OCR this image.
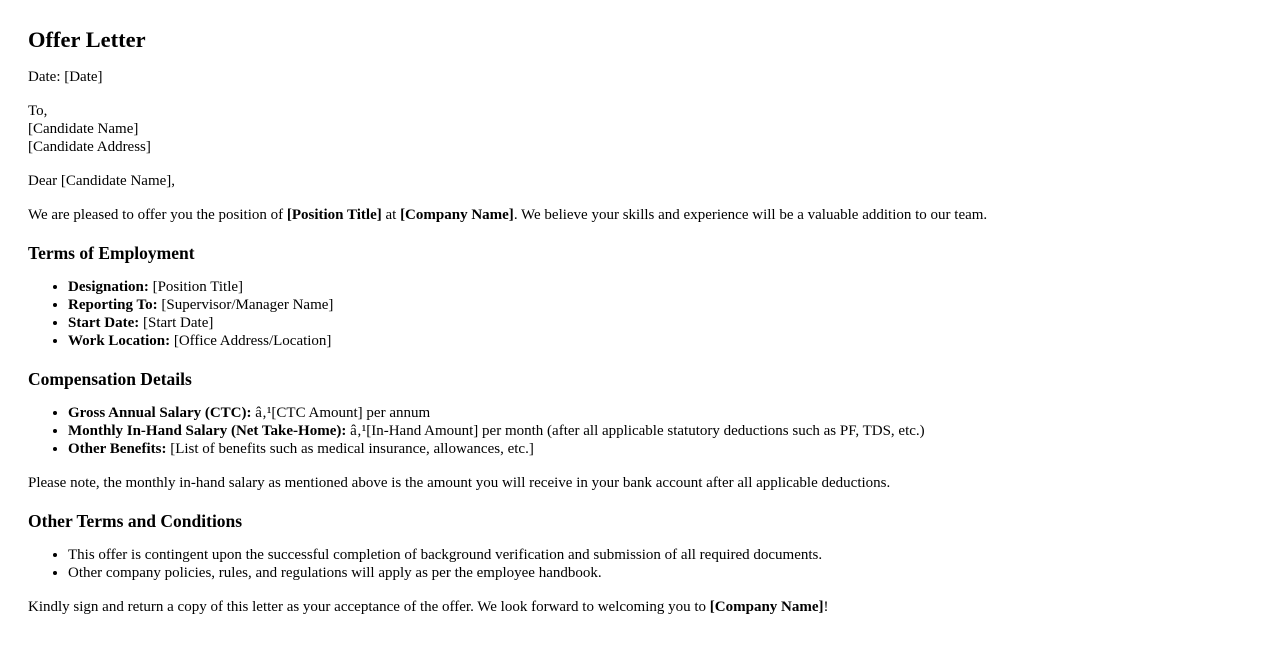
Offer Letter

Date: [Date]

To,
[Candidate Name]
[Candidate Address]

Dear [Candidate Name],

We are pleased to offer you the position of [Position Title] at [Company Name]. We believe your skills and experience will be a valuable addition to our team.

Terms of Employment
• Designation: [Position Title]
• Reporting To: [Supervisor/Manager Name]
• Start Date: [Start Date]
• Work Location: [Office Address/Location]
Compensation Details
• Gross Annual Salary (CTC): â‚¹[CTC Amount] per annum
• Monthly In-Hand Salary (Net Take-Home): â‚¹[In-Hand Amount] per month (after all applicable statutory deductions such as PF, TDS, etc.)
• Other Benefits: [List of benefits such as medical insurance, allowances, etc.]

Please note, the monthly in-hand salary as mentioned above is the amount you will receive in your bank account after all applicable deductions.

Other Terms and Conditions
• This offer is contingent upon the successful completion of background verification and submission of all required documents.
• Other company policies, rules, and regulations will apply as per the employee handbook.

Kindly sign and return a copy of this letter as your acceptance of the offer. We look forward to welcoming you to [Company Name]!
